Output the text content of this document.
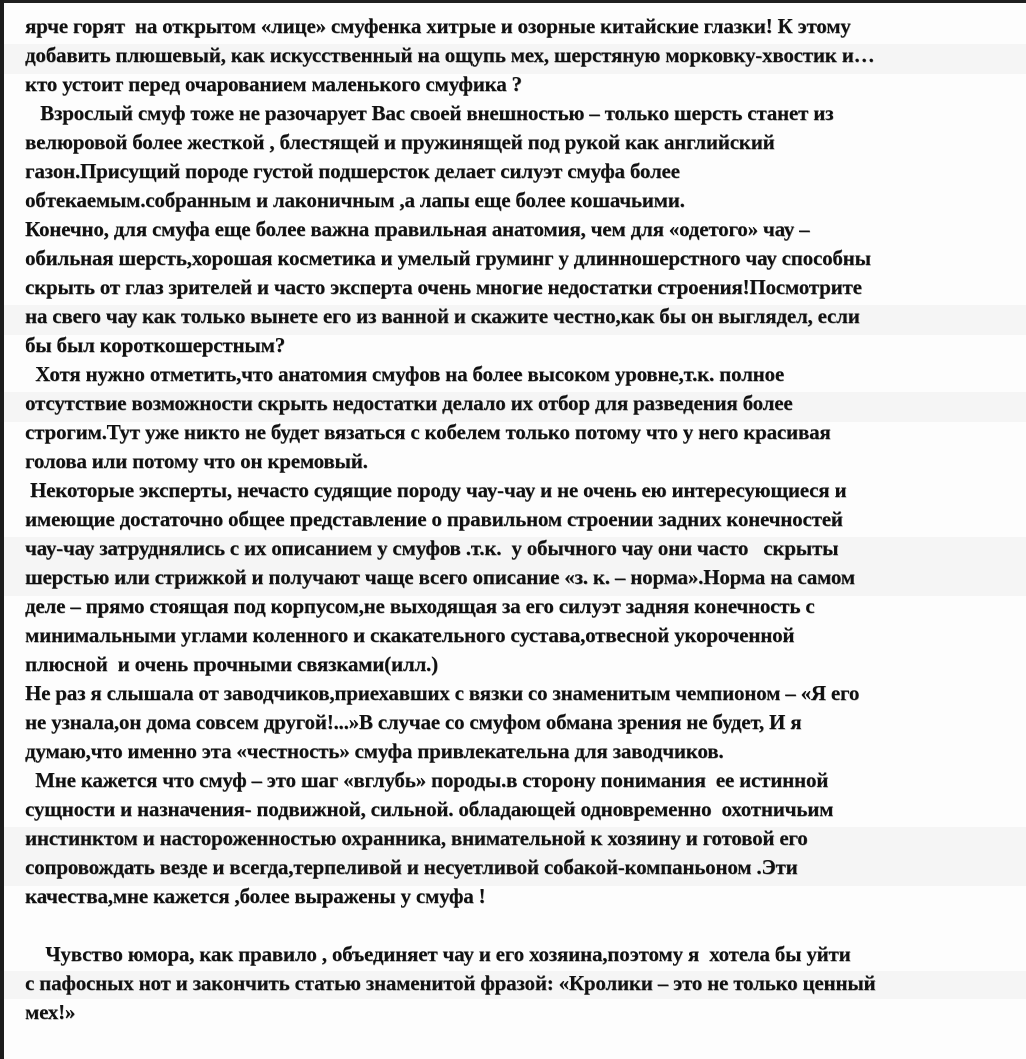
ярче горят  на открытом «лице» смуфенка хитрые и озорные китайские глазки! К этому
добавить плюшевый, как искусственный на ощупь мех, шерстяную морковку-хвостик и…
кто устоит перед очарованием маленького смуфика ?
Взрослый смуф тоже не разочарует Вас своей внешностью – только шерсть станет из
велюровой более жесткой , блестящей и пружинящей под рукой как английский
газон.Присущий породе густой подшерсток делает силуэт смуфа более
обтекаемым.собранным и лаконичным ,а лапы еще более кошачьими.
Конечно, для смуфа еще более важна правильная анатомия, чем для «одетого» чау –
обильная шерсть,хорошая косметика и умелый груминг у длинношерстного чау способны
скрыть от глаз зрителей и часто эксперта очень многие недостатки строения!Посмотрите
на свего чау как только вынете его из ванной и скажите честно,как бы он выглядел, если
бы был короткошерстным?
Хотя нужно отметить,что анатомия смуфов на более высоком уровне,т.к. полное
отсутствие возможности скрыть недостатки делало их отбор для разведения более
строгим.Тут уже никто не будет вязаться с кобелем только потому что у него красивая
голова или потому что он кремовый.
Некоторые эксперты, нечасто судящие породу чау-чау и не очень ею интересующиеся и
имеющие достаточно общее представление о правильном строении задних конечностей
чау-чау затруднялись с их описанием у смуфов .т.к.  у обычного чау они часто   скрыты
шерстью или стрижкой и получают чаще всего описание «з. к. – норма».Норма на самом
деле – прямо стоящая под корпусом,не выходящая за его силуэт задняя конечность с
минимальными углами коленного и скакательного сустава,отвесной укороченной
плюсной  и очень прочными связками(илл.)
Не раз я слышала от заводчиков,приехавших с вязки со знаменитым чемпионом – «Я его
не узнала,он дома совсем другой!...»В случае со смуфом обмана зрения не будет, И я
думаю,что именно эта «честность» смуфа привлекательна для заводчиков.
Мне кажется что смуф – это шаг «вглубь» породы.в сторону понимания  ее истинной
сущности и назначения- подвижной, сильной. обладающей одновременно  охотничьим
инстинктом и настороженностью охранника, внимательной к хозяину и готовой его
сопровождать везде и всегда,терпеливой и несуетливой собакой-компаньоном .Эти
качества,мне кажется ,более выражены у смуфа !
Чувство юмора, как правило , объединяет чау и его хозяина,поэтому я  хотела бы уйти
с пафосных нот и закончить статью знаменитой фразой: «Кролики – это не только ценный
мех!»
